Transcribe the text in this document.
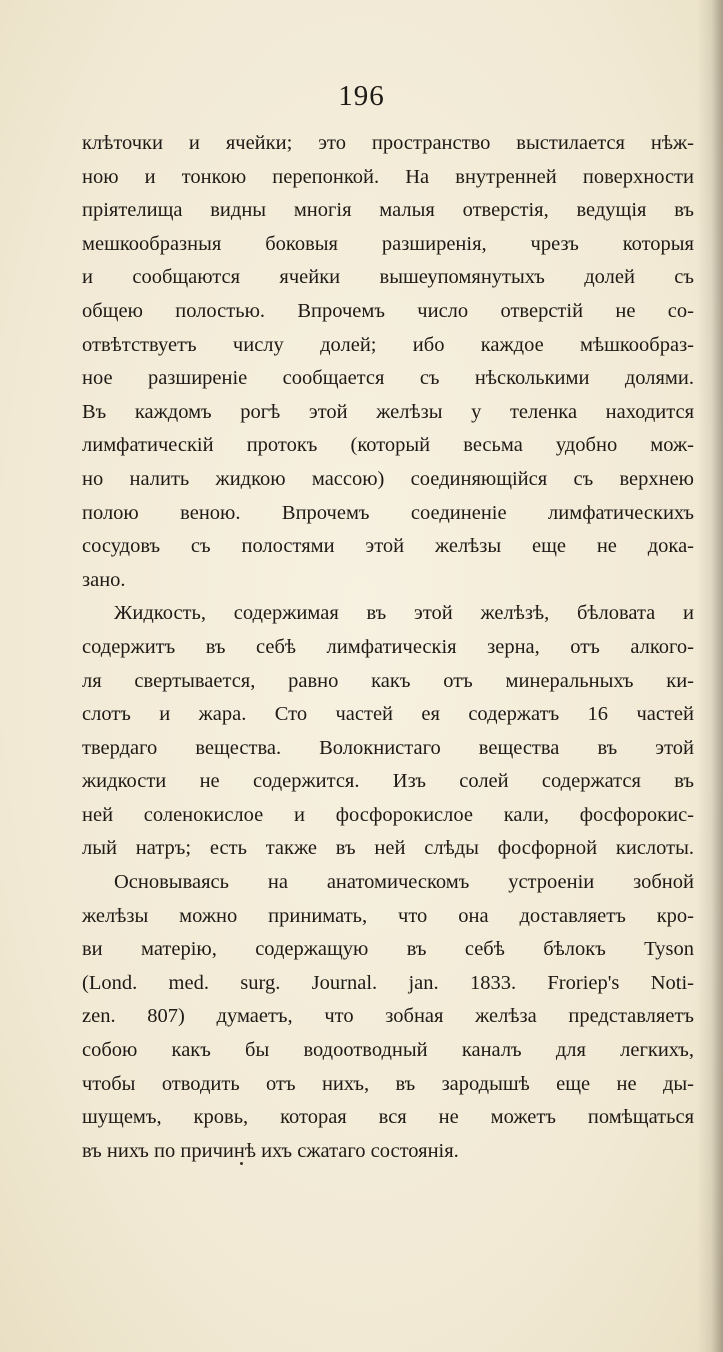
196
клѣточки и ячейки; это пространство выстилается нѣж-
ною и тонкою перепонкой. На внутренней поверхности
пріятелища видны многія малыя отверстія, ведущія въ
мешкообразныя боковыя разширенія, чрезъ которыя
и сообщаются ячейки вышеупомянутыхъ долей съ
общею полостью. Впрочемъ число отверстій не со-
отвѣтствуетъ числу долей; ибо каждое мѣшкообраз-
ное разширеніе сообщается съ нѣсколькими долями.
Въ каждомъ рогѣ этой желѣзы у теленка находится
лимфатическій протокъ (который весьма удобно мож-
но налить жидкою массою) соединяющійся съ верхнею
полою веною. Впрочемъ соединеніе лимфатическихъ
сосудовъ съ полостями этой желѣзы еще не дока-
зано.
Жидкость, содержимая въ этой желѣзѣ, бѣловата и
содержитъ въ себѣ лимфатическія зерна, отъ алкого-
ля свертывается, равно какъ отъ минеральныхъ ки-
слотъ и жара. Сто частей ея содержатъ 16 частей
твердаго вещества. Волокнистаго вещества въ этой
жидкости не содержится. Изъ солей содержатся въ
ней соленокислое и фосфорокислое кали, фосфорокис-
лый натръ; есть также въ ней слѣды фосфорной кислоты.
Основываясь на анатомическомъ устроеніи зобной
желѣзы можно принимать, что она доставляетъ кро-
ви матерію, содержащую въ себѣ бѣлокъ Tyson
(Lond. med. surg. Journal. jan. 1833. Froriep's Noti-
zen. 807) думаетъ, что зобная желѣза представляетъ
собою какъ бы водоотводный каналъ для легкихъ,
чтобы отводить отъ нихъ, въ зародышѣ еще не ды-
шущемъ, кровь, которая вся не можетъ помѣщаться
въ нихъ по причинѣ ихъ сжатаго состоянія.
